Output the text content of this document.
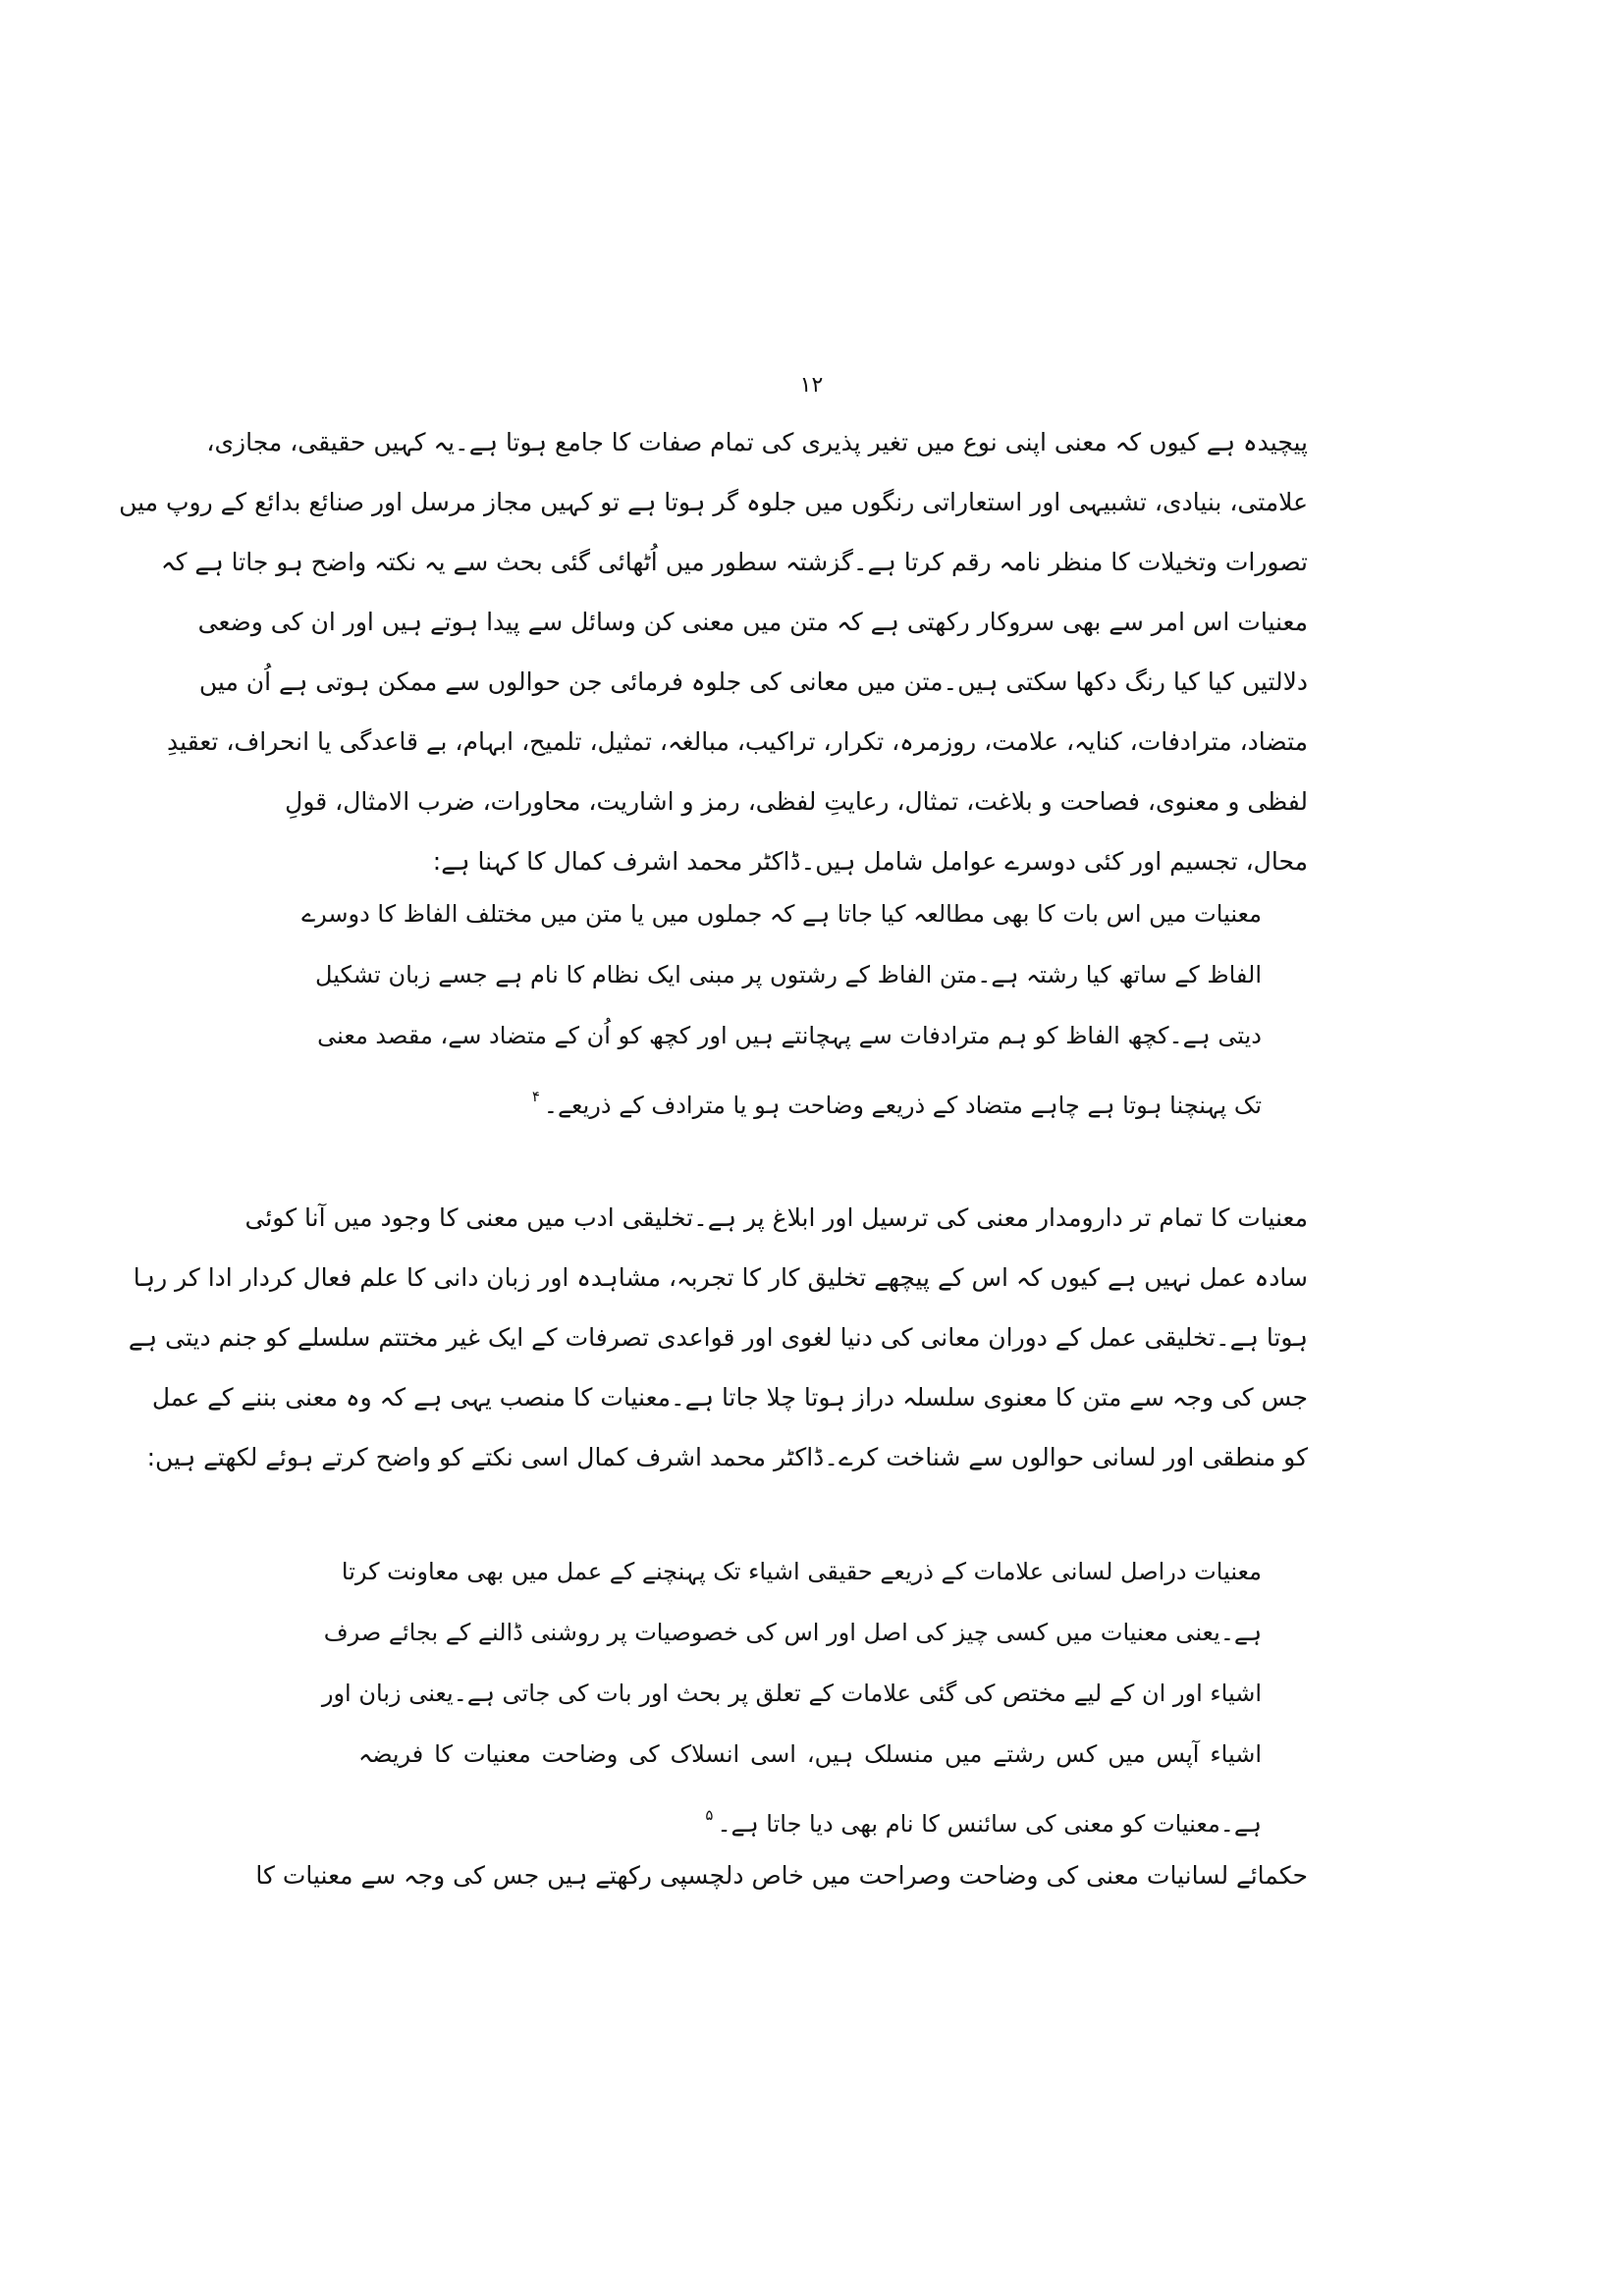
۱۲
پیچیدہ ہے کیوں کہ معنی اپنی نوع میں تغیر پذیری کی تمام صفات کا جامع ہوتا ہے۔یہ کہیں حقیقی، مجازی،
علامتی، بنیادی، تشبیہی اور استعاراتی رنگوں میں جلوہ گر ہوتا ہے تو کہیں مجاز مرسل اور صنائع بدائع کے روپ میں
تصورات وتخیلات کا منظر نامہ رقم کرتا ہے۔گزشتہ سطور میں اُٹھائی گئی بحث سے یہ نکتہ واضح ہو جاتا ہے کہ
معنیات اس امر سے بھی سروکار رکھتی ہے کہ متن میں معنی کن وسائل سے پیدا ہوتے ہیں اور ان کی وضعی
دلالتیں کیا کیا رنگ دکھا سکتی ہیں۔متن میں معانی کی جلوہ فرمائی جن حوالوں سے ممکن ہوتی ہے اُن میں
متضاد، مترادفات، کنایہ، علامت، روزمرہ، تکرار، تراکیب، مبالغہ، تمثیل، تلمیح، ابہام، بے قاعدگی یا انحراف، تعقیدِ
لفظی و معنوی، فصاحت و بلاغت، تمثال، رعایتِ لفظی، رمز و اشاریت، محاورات، ضرب الامثال، قولِ
محال، تجسیم اور کئی دوسرے عوامل شامل ہیں۔ڈاکٹر محمد اشرف کمال کا کہنا ہے:
معنیات میں اس بات کا بھی مطالعہ کیا جاتا ہے کہ جملوں میں یا متن میں مختلف الفاظ کا دوسرے
الفاظ کے ساتھ کیا رشتہ ہے۔متن الفاظ کے رشتوں پر مبنی ایک نظام کا نام ہے جسے زبان تشکیل
دیتی ہے۔کچھ الفاظ کو ہم مترادفات سے پہچانتے ہیں اور کچھ کو اُن کے متضاد سے، مقصد معنی
تک پہنچنا ہوتا ہے چاہے متضاد کے ذریعے وضاحت ہو یا مترادف کے ذریعے۔$^۴$
معنیات کا تمام تر دارومدار معنی کی ترسیل اور ابلاغ پر ہے۔تخلیقی ادب میں معنی کا وجود میں آنا کوئی
سادہ عمل نہیں ہے کیوں کہ اس کے پیچھے تخلیق کار کا تجربہ، مشاہدہ اور زبان دانی کا علم فعال کردار ادا کر رہا
ہوتا ہے۔تخلیقی عمل کے دوران معانی کی دنیا لغوی اور قواعدی تصرفات کے ایک غیر مختتم سلسلے کو جنم دیتی ہے
جس کی وجہ سے متن کا معنوی سلسلہ دراز ہوتا چلا جاتا ہے۔معنیات کا منصب یہی ہے کہ وہ معنی بننے کے عمل
کو منطقی اور لسانی حوالوں سے شناخت کرے۔ڈاکٹر محمد اشرف کمال اسی نکتے کو واضح کرتے ہوئے لکھتے ہیں:
معنیات دراصل لسانی علامات کے ذریعے حقیقی اشیاء تک پہنچنے کے عمل میں بھی معاونت کرتا
ہے۔یعنی معنیات میں کسی چیز کی اصل اور اس کی خصوصیات پر روشنی ڈالنے کے بجائے صرف
اشیاء اور ان کے لیے مختص کی گئی علامات کے تعلق پر بحث اور بات کی جاتی ہے۔یعنی زبان اور
اشیاء آپس میں کس رشتے میں منسلک ہیں، اسی انسلاک کی وضاحت معنیات کا فریضہ
ہے۔معنیات کو معنی کی سائنس کا نام بھی دیا جاتا ہے۔$^۵$
حکمائے لسانیات معنی کی وضاحت وصراحت میں خاص دلچسپی رکھتے ہیں جس کی وجہ سے معنیات کا
